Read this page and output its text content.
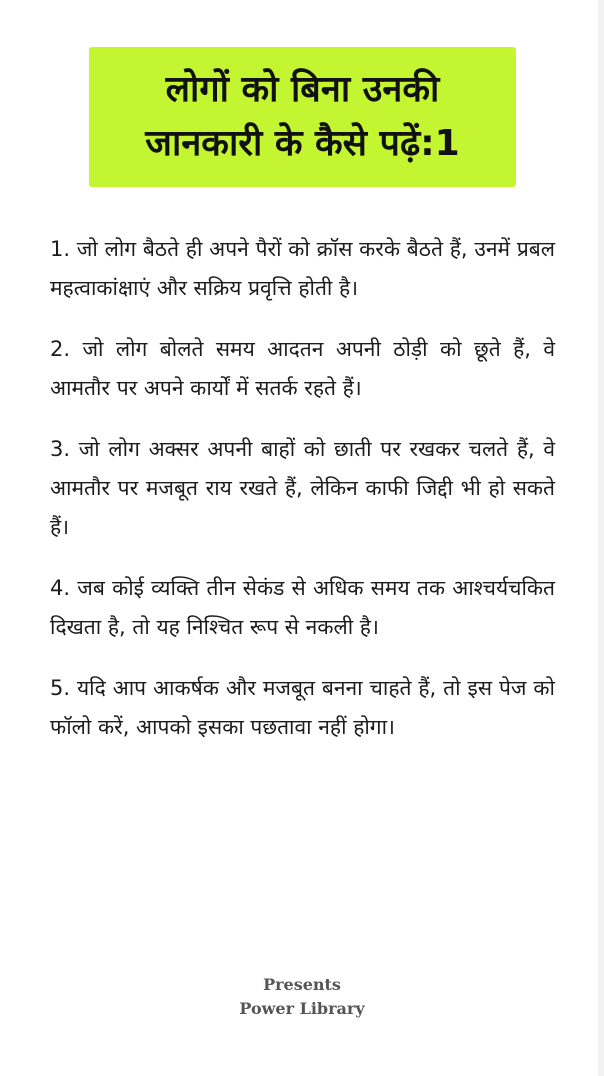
लोगों को बिना उनकी
जानकारी के कैसे पढ़ें:1

1. जो लोग बैठते ही अपने पैरों को क्रॉस करके बैठते हैं, उनमें प्रबल महत्वाकांक्षाएं और सक्रिय प्रवृत्ति होती है।

2. जो लोग बोलते समय आदतन अपनी ठोड़ी को छूते हैं, वे आमतौर पर अपने कार्यों में सतर्क रहते हैं।

3. जो लोग अक्सर अपनी बाहों को छाती पर रखकर चलते हैं, वे आमतौर पर मजबूत राय रखते हैं, लेकिन काफी जिद्दी भी हो सकते हैं।

4. जब कोई व्यक्ति तीन सेकंड से अधिक समय तक आश्चर्यचकित दिखता है, तो यह निश्चित रूप से नकली है।

5. यदि आप आकर्षक और मजबूत बनना चाहते हैं, तो इस पेज को फॉलो करें, आपको इसका पछतावा नहीं होगा।

Presents
Power Library
